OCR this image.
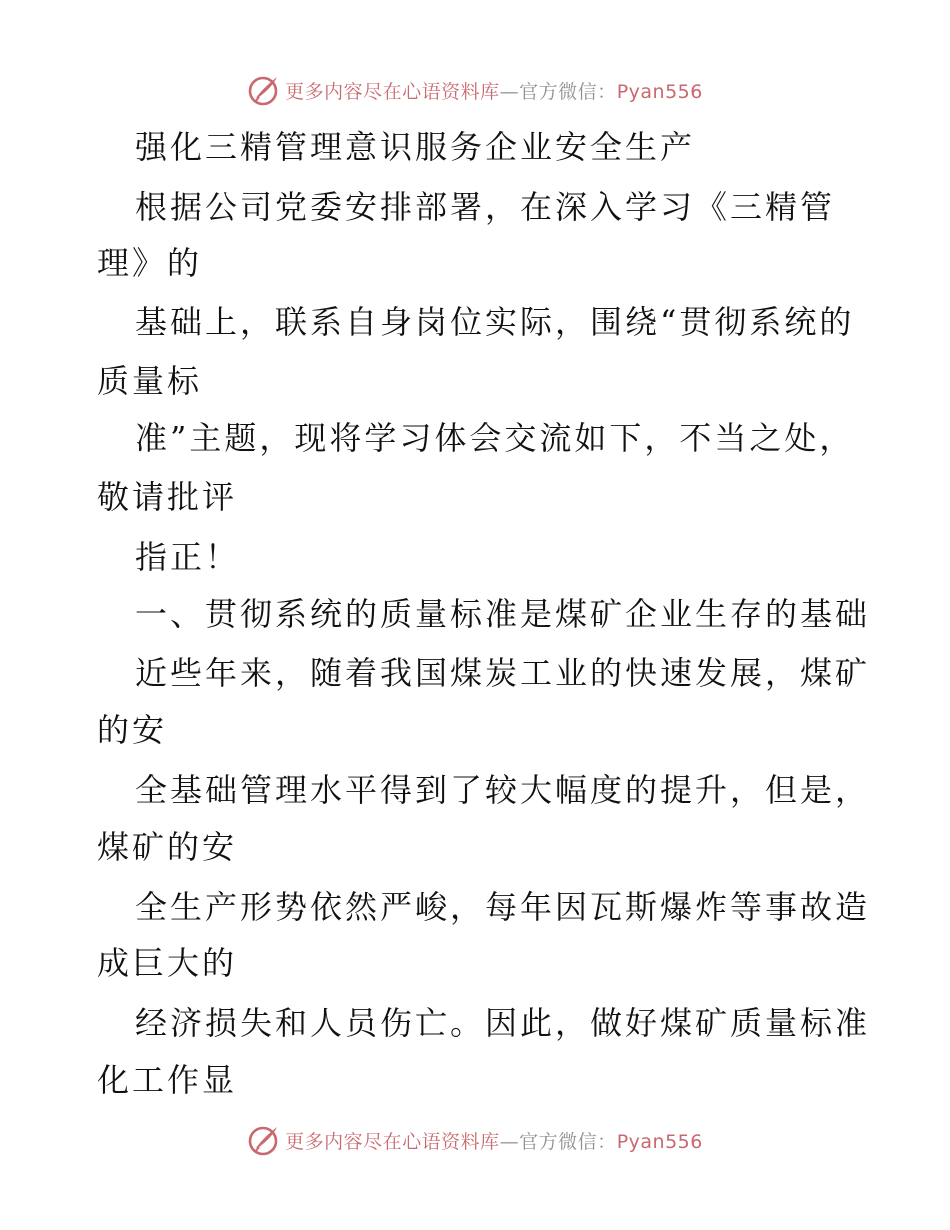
更多内容尽在心语资料库—官方微信：Pyan556
强化三精管理意识服务企业安全生产
根据公司党委安排部署，在深入学习《三精管
理》的
基础上，联系自身岗位实际，围绕“贯彻系统的
质量标
准”主题，现将学习体会交流如下，不当之处，
敬请批评
指正！
一、贯彻系统的质量标准是煤矿企业生存的基础
近些年来，随着我国煤炭工业的快速发展，煤矿
的安
全基础管理水平得到了较大幅度的提升，但是，
煤矿的安
全生产形势依然严峻，每年因瓦斯爆炸等事故造
成巨大的
经济损失和人员伤亡。因此，做好煤矿质量标准
化工作显
更多内容尽在心语资料库—官方微信：Pyan556
